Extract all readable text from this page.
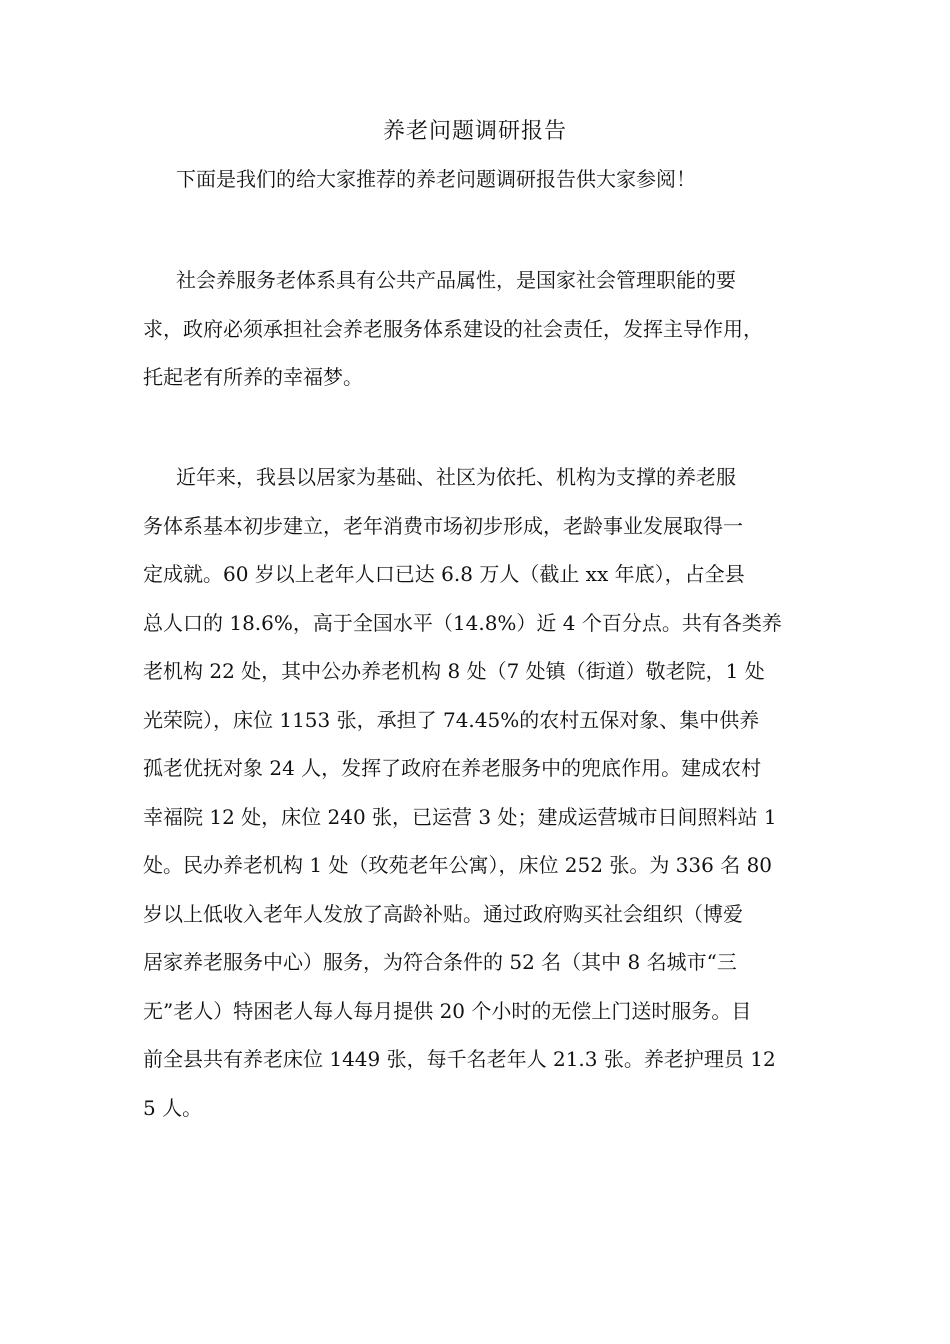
养老问题调研报告
下面是我们的给大家推荐的养老问题调研报告供大家参阅！
社会养服务老体系具有公共产品属性，是国家社会管理职能的要
求，政府必须承担社会养老服务体系建设的社会责任，发挥主导作用，
托起老有所养的幸福梦。
近年来，我县以居家为基础、社区为依托、机构为支撑的养老服
务体系基本初步建立，老年消费市场初步形成，老龄事业发展取得一
定成就。60 岁以上老年人口已达 6.8 万人（截止 xx 年底），占全县
总人口的 18.6%，高于全国水平（14.8%）近 4 个百分点。共有各类养
老机构 22 处，其中公办养老机构 8 处（7 处镇（街道）敬老院，1 处
光荣院），床位 1153 张，承担了 74.45%的农村五保对象、集中供养
孤老优抚对象 24 人，发挥了政府在养老服务中的兜底作用。建成农村
幸福院 12 处，床位 240 张，已运营 3 处；建成运营城市日间照料站 1
处。民办养老机构 1 处（玫苑老年公寓），床位 252 张。为 336 名 80
岁以上低收入老年人发放了高龄补贴。通过政府购买社会组织（博爱
居家养老服务中心）服务，为符合条件的 52 名（其中 8 名城市“三
无”老人）特困老人每人每月提供 20 个小时的无偿上门送时服务。目
前全县共有养老床位 1449 张，每千名老年人 21.3 张。养老护理员 12
5 人。
